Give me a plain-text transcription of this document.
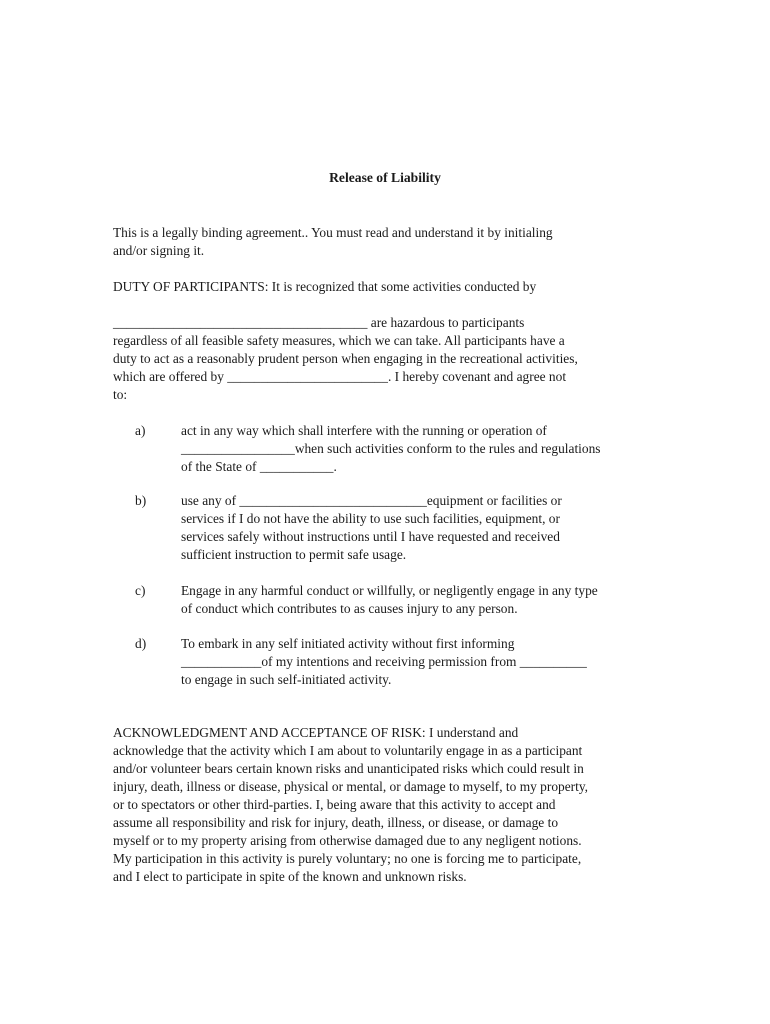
Release of Liability
This is a legally binding agreement.. You must read and understand it by initialing
and/or signing it.
DUTY OF PARTICIPANTS: It is recognized that some activities conducted by
______________________________________ are hazardous to participants
regardless of all feasible safety measures, which we can take. All participants have a
duty to act as a reasonably prudent person when engaging in the recreational activities,
which are offered by ________________________. I hereby covenant and agree not
to:
a)	act in any way which shall interfere with the running or operation of
_________________when such activities conform to the rules and regulations
of the State of ___________.
b)	use any of ____________________________equipment or facilities or
services if I do not have the ability to use such facilities, equipment, or
services safely without instructions until I have requested and received
sufficient instruction to permit safe usage.
c)	Engage in any harmful conduct or willfully, or negligently engage in any type
of conduct which contributes to as causes injury to any person.
d)	To embark in any self initiated activity without first informing
____________of my intentions and receiving permission from __________
to engage in such self-initiated activity.
ACKNOWLEDGMENT AND ACCEPTANCE OF RISK: I understand and
acknowledge that the activity which I am about to voluntarily engage in as a participant
and/or volunteer bears certain known risks and unanticipated risks which could result in
injury, death, illness or disease, physical or mental, or damage to myself, to my property,
or to spectators or other third-parties. I, being aware that this activity to accept and
assume all responsibility and risk for injury, death, illness, or disease, or damage to
myself or to my property arising from otherwise damaged due to any negligent notions.
My participation in this activity is purely voluntary; no one is forcing me to participate,
and I elect to participate in spite of the known and unknown risks.
